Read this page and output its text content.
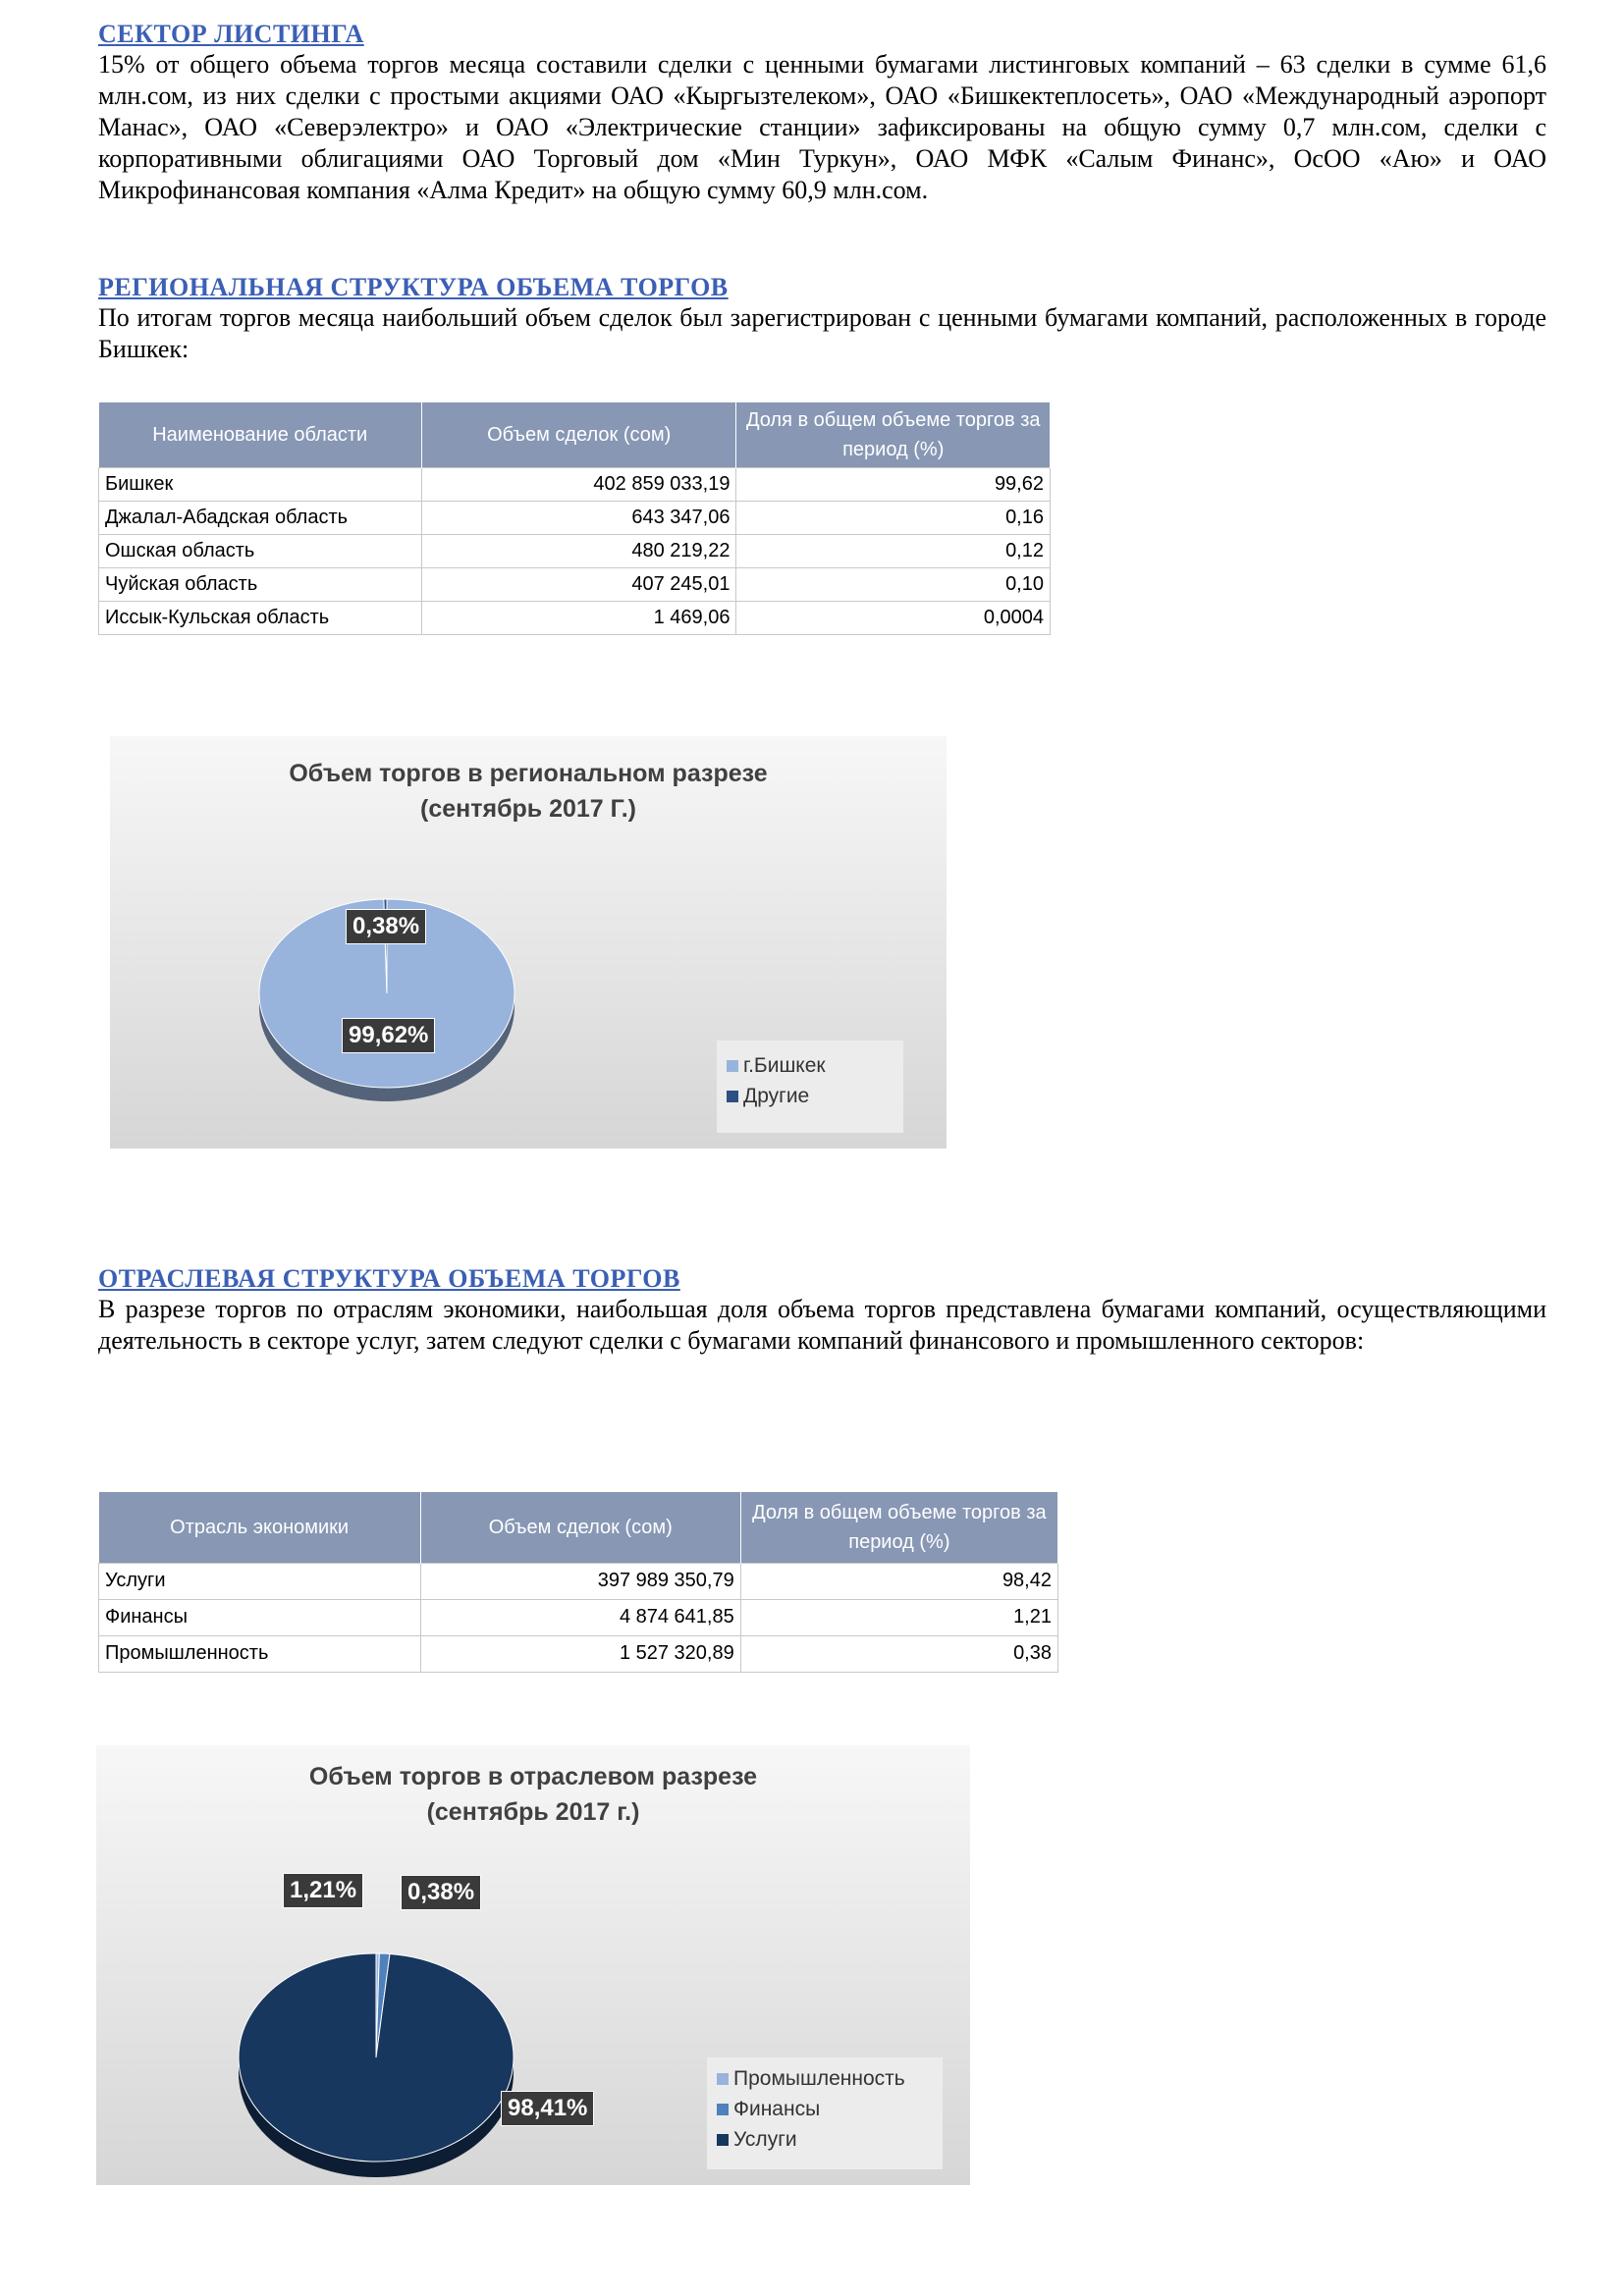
СЕКТОР ЛИСТИНГА

15% от общего объема торгов месяца составили сделки с ценными бумагами листинговых компаний – 63 сделки в сумме 61,6 млн.сом, из них сделки с простыми акциями ОАО «Кыргызтелеком», ОАО «Бишкектеплосеть», ОАО «Международный аэропорт Манас», ОАО «Северэлектро» и ОАО «Электрические станции» зафиксированы на общую сумму 0,7 млн.сом, сделки с корпоративными облигациями ОАО Торговый дом «Мин Туркун», ОАО МФК «Салым Финанс», ОсОО «Аю» и ОАО Микрофинансовая компания «Алма Кредит» на общую сумму 60,9 млн.сом.

РЕГИОНАЛЬНАЯ СТРУКТУРА ОБЪЕМА ТОРГОВ

По итогам торгов месяца наибольший объем сделок был зарегистрирован с ценными бумагами компаний, расположенных в городе Бишкек:

Наименование области	Объем сделок (сом)	Доля в общем объеме торгов за период (%)
Бишкек	402 859 033,19	99,62
Джалал-Абадская область	643 347,06	0,16
Ошская область	480 219,22	0,12
Чуйская область	407 245,01	0,10
Иссык-Кульская область	1 469,06	0,0004
Объем торгов в региональном разрезе
(сентябрь 2017 Г.)
0,38%
99,62%
г.Бишкек
Другие
ОТРАСЛЕВАЯ СТРУКТУРА ОБЪЕМА ТОРГОВ

В разрезе торгов по отраслям экономики, наибольшая доля объема торгов представлена бумагами компаний, осуществляющими деятельность в секторе услуг, затем следуют сделки с бумагами компаний финансового и промышленного секторов:

Отрасль экономики	Объем сделок (сом)	Доля в общем объеме торгов за период (%)
Услуги	397 989 350,79	98,42
Финансы	4 874 641,85	1,21
Промышленность	1 527 320,89	0,38
Объем торгов в отраслевом разрезе
(сентябрь 2017 г.)
1,21% 0,38%
98,41%
Промышленность
Финансы
Услуги
